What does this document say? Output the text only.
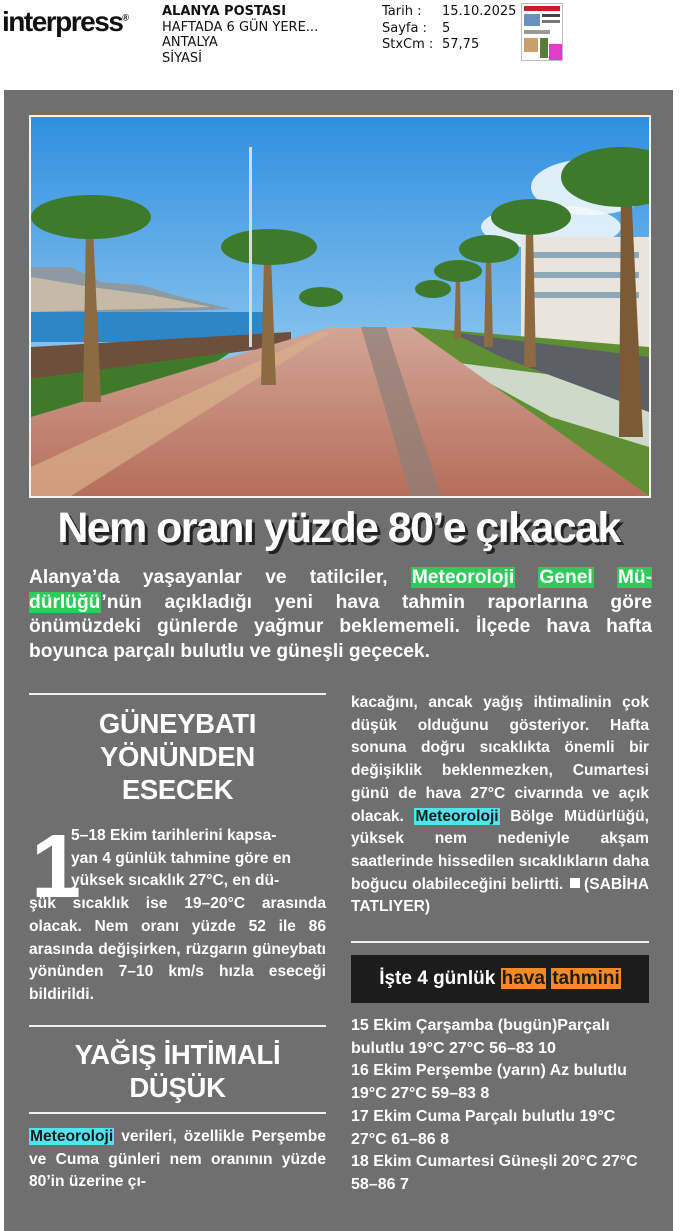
interpress®	ALANYA POSTASI
HAFTADA 6 GÜN YERE...
ANTALYA
SİYASİ
Tarih :	15.10.2025
Sayfa :	5
StxCm : 57,75
Nem oranı yüzde 80’e çıkacak
Alanya’da yaşayanlar ve tatilciler, Meteoroloji Genel Mü-dürlüğü’nün açıkladığı yeni hava tahmin raporlarına göre önümüzdeki günlerde yağmur beklememeli. İlçede hava hafta boyunca parçalı bulutlu ve güneşli geçecek.
GÜNEYBATI
YÖNÜNDEN
ESECEK
1
5–18 Ekim tarihlerini kapsa-
yan 4 günlük tahmine göre en
yüksek sıcaklık 27°C, en dü-
şük sıcaklık ise 19–20°C arasında olacak. Nem oranı yüzde 52 ile 86 arasında değişirken, rüzgarın güneybatı yönünden 7–10 km/s hızla eseceği bildirildi.
YAĞIŞ İHTİMALİ
DÜŞÜK
Meteoroloji verileri, özellikle Perşembe ve Cuma günleri nem oranının yüzde 80’in üzerine çı-
kacağını, ancak yağış ihtimalinin çok düşük olduğunu gösteriyor. Hafta sonuna doğru sıcaklıkta önemli bir değişiklik beklenmezken, Cumartesi günü de hava 27°C civarında ve açık olacak. Meteoroloji Bölge Müdürlüğü, yüksek nem nedeniyle akşam saatlerinde hissedilen sıcaklıkların daha boğucu olabileceğini belirtti. (SABİHA TATLIYER)
İşte 4 günlük hava tahmini

15 Ekim Çarşamba (bugün)Parçalı bulutlu 19°C 27°C 56–83 10

16 Ekim Perşembe (yarın) Az bulutlu 19°C 27°C 59–83 8

17 Ekim Cuma Parçalı bulutlu 19°C 27°C 61–86 8

18 Ekim Cumartesi Güneşli 20°C 27°C 58–86 7
